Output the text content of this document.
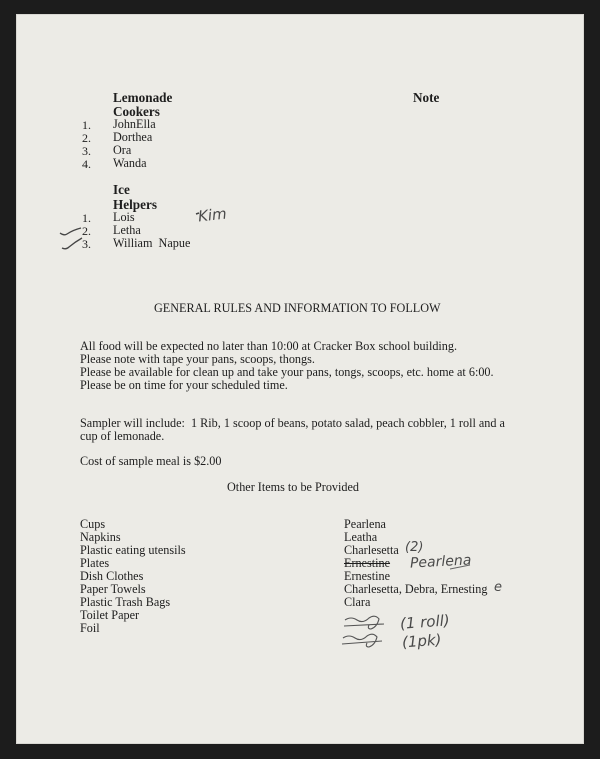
Lemonade
Cookers
1. JohnElla
2. Dorthea
3. Ora
4. Wanda
Note
Ice
Helpers
1. Lois
2. Letha
3. William  Napue
Kim
GENERAL RULES AND INFORMATION TO FOLLOW
All food will be expected no later than 10:00 at Cracker Box school building.
Please note with tape your pans, scoops, thongs.
Please be available for clean up and take your pans, tongs, scoops, etc. home at 6:00.
Please be on time for your scheduled time.
Sampler will include:  1 Rib, 1 scoop of beans, potato salad, peach cobbler, 1 roll and a
cup of lemonade.
Cost of sample meal is $2.00
Other Items to be Provided
Cups
Napkins
Plastic eating utensils
Plates
Dish Clothes
Paper Towels
Plastic Trash Bags
Toilet Paper
Foil
Pearlena
Leatha
Charlesetta
Ernestine
Ernestine
Charlesetta, Debra, Ernesting
Clara
(2)
Pearlena
e
(1 roll)
(1pk)
